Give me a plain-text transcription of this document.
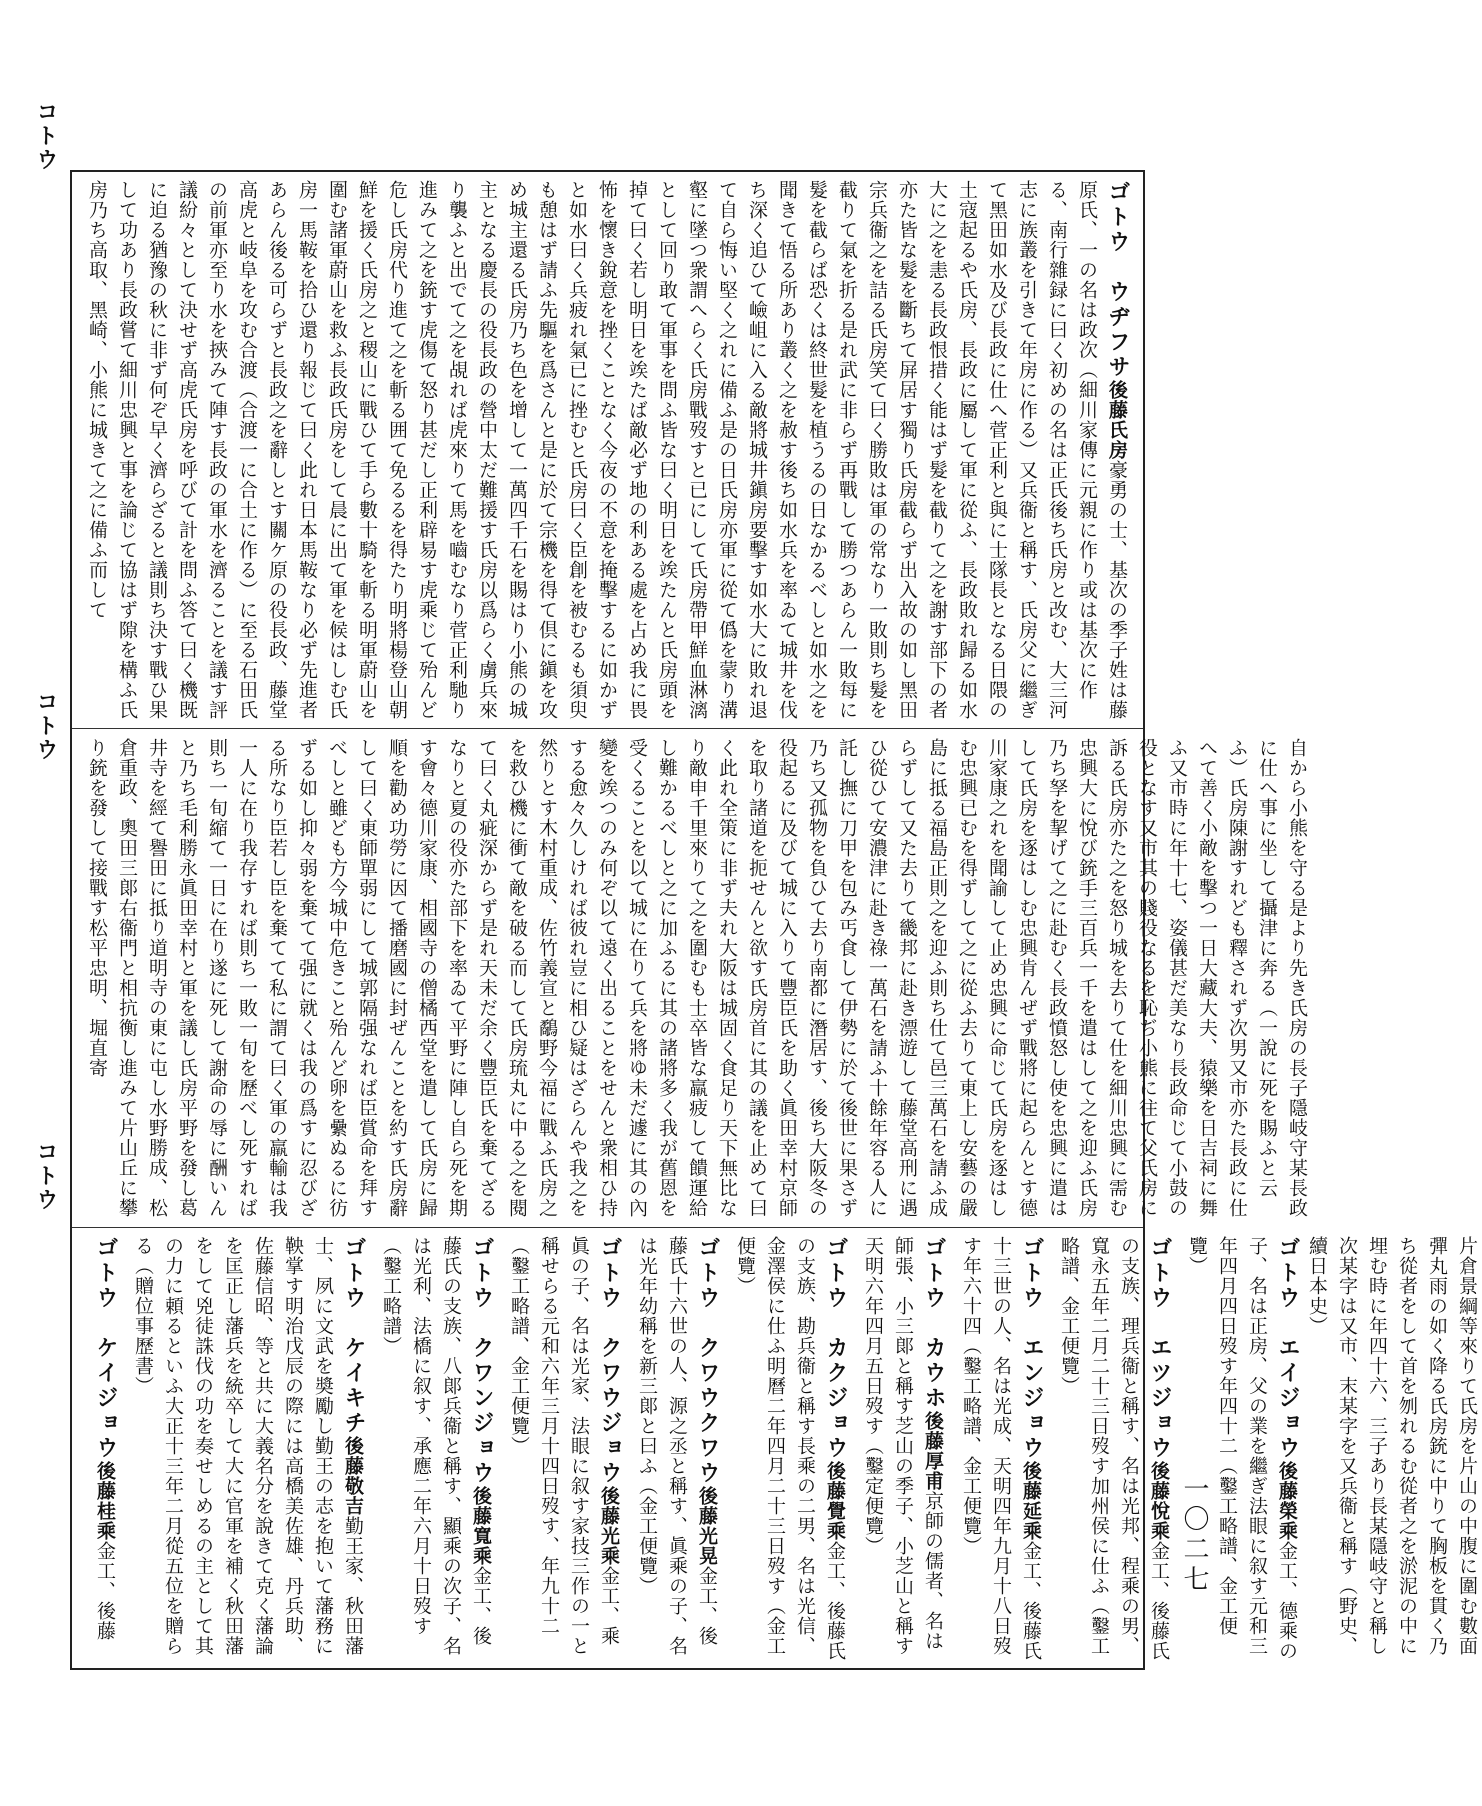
コトウ
コトウ
コトウ
ゴトウ　ウヂフサ後藤氏房豪勇の士、基次の季子姓は藤原氏、一の名は政次（細川家傳に元親に作り或は基次に作る、南行雜録に曰く初めの名は正氏後ち氏房と改む、大三河志に族叢を引きて年房に作る）又兵衞と稱す、氏房父に繼ぎて黑田如水及び長政に仕へ菅正利と與に士隊長となる日隈の土寇起るや氏房、長政に屬して軍に從ふ、長政敗れ歸る如水大に之を恚る長政恨措く能はず髮を截りて之を謝す部下の者亦た皆な髮を斷ちて屏居す獨り氏房截らず出入故の如し黑田宗兵衞之を詰る氏房笑て曰く勝敗は軍の常なり一敗則ち髮を截りて氣を折る是れ武に非らず再戰して勝つあらん一敗每に髮を截らば恐くは終世髮を植うるの日なかるべしと如水之を聞きて悟る所あり叢く之を赦す後ち如水兵を率ゐて城井を伐ち深く追ひて嶮岨に入る敵將城井鎭房要擊す如水大に敗れ退て自ら悔い堅く之れに備ふ是の日氏房亦軍に從て僞を蒙り溝壑に墜つ衆謂へらく氏房戰歿すと已にして氏房帶甲鮮血淋漓として回り敢て軍事を問ふ皆な曰く明日を竢たんと氏房頭を掉て曰く若し明日を竢たば敵必ず地の利ある處を占め我に畏怖を懷き銳意を挫くことなく今夜の不意を掩擊するに如かずと如水曰く兵疲れ氣已に挫むと氏房曰く臣創を被むるも須臾も憩はず請ふ先驅を爲さんと是に於て宗機を得て倶に鎭を攻め城主還る氏房乃ち色を增して一萬四千石を賜はり小熊の城主となる慶長の役長政の營中太だ難援す氏房以爲らく虜兵來り襲ふと出でて之を覘れば虎來りて馬を嚙むなり菅正利馳り進みて之を銃す虎傷て怒り甚だし正利辟易す虎乘じて殆んど危し氏房代り進て之を斬る囲て免るるを得たり明將楊登山朝鮮を援く氏房之と稷山に戰ひて手ら數十騎を斬る明軍蔚山を圍む諸軍蔚山を救ふ長政氏房をして晨に出て軍を候はしむ氏房一馬鞍を拾ひ還り報じて曰く此れ日本馬鞍なり必ず先進者あらん後る可らずと長政之を辭しとす關ケ原の役長政、藤堂高虎と岐阜を攻む合渡（合渡一に合土に作る）に至る石田氏の前軍亦至り水を挾みて陣す長政の軍水を濟ることを議す評議紛々として決せず高虎氏房を呼びて計を問ふ答て曰く機既に迫る猶豫の秋に非ず何ぞ早く濟らざると議則ち決す戰ひ果して功あり長政嘗て細川忠興と事を論じて協はず隙を構ふ氏房乃ち高取、黑崎、小熊に城きて之に備ふ而して
自から小熊を守る是より先き氏房の長子隱岐守某長政に仕へ事に坐して攝津に奔る（一說に死を賜ふと云ふ）氏房陳謝すれども釋されず次男又市亦た長政に仕へて善く小敵を擊つ一日大藏大夫、猿樂を日吉祠に舞ふ又市時に年十七、姿儀甚だ美なり長政命じて小鼓の役となす又市其の賤役なるを恥ぢ小熊に往て父氏房に訴る氏房亦た之を怒り城を去りて仕を細川忠興に需む忠興大に悅び銃手三百兵一千を遣はして之を迎ふ氏房乃ち孥を挈げて之に赴むく長政憤怒し使を忠興に遣はして氏房を逐はしむ忠興肯んぜず戰將に起らんとす德川家康之れを聞諭して止め忠興に命じて氏房を逐はしむ忠興已むを得ずして之に從ふ去りて東上し安藝の嚴島に抵る福島正則之を迎ふ則ち仕て邑三萬石を請ふ成らずして又た去りて畿邦に赴き漂遊して藤堂高刑に遇ひ從ひて安濃津に赴き祿一萬石を請ふ十餘年容る人に託し撫に刀甲を包み丐食して伊勢に於て後世に果さず乃ち又孤物を負ひて去り南都に潛居す、後ち大阪冬の役起るに及びて城に入りて豐臣氏を助く眞田幸村京師を取り諸道を扼せんと欲す氏房首に其の議を止めて曰く此れ全策に非ず夫れ大阪は城固く食足り天下無比なり敵申千里來りて之を圍むも士卒皆な羸疲して饋運給し難かるべしと之に加ふるに其の諸將多く我が舊恩を受くることを以て城に在りて兵を將ゆ未だ遽に其の內變を竢つのみ何ぞ以て遠く出ることをせんと衆相ひ持する愈々久しければ彼れ豈に相ひ疑はざらんや我之を然りとす木村重成、佐竹義宣と鷸野今福に戰ふ氏房之を救ひ機に衝て敵を破る而して氏房琉丸に中る之を閱て曰く丸疵深からず是れ天未だ余く豐臣氏を棄てざるなりと夏の役亦た部下を率ゐて平野に陣し自ら死を期す會々德川家康、相國寺の僧橘西堂を遣して氏房に歸順を勸め功勞に因て播磨國に封ぜんことを約す氏房辭して曰く東師單弱にして城郭隔强なれば臣賞命を拜すべしと雖ども方今城中危きこと殆んど卵を纍ぬるに彷ずる如し抑々弱を棄てて强に就くは我の爲すに忍びざる所なり臣若し臣を棄てて私に謂て曰く軍の羸輸は我一人に在り我存すれば則ち一敗一旬を歷べし死すれば則ち一旬縮て一日に在り遂に死して謝命の辱に酬いんと乃ち毛利勝永眞田幸村と軍を議し氏房平野を發し葛井寺を經て譽田に抵り道明寺の東に屯し水野勝成、松倉重政、奧田三郞右衞門と相抗衡し進みて片山丘に攀り銃を發して接戰す松平忠明、堀直寄
片倉景綱等來りて氏房を片山の中腹に圍む數面彈丸雨の如く降る氏房銃に中りて胸板を貫く乃ち從者をして首を刎れるむ從者之を淤泥の中に埋む時に年四十六、三子あり長某隱岐守と稱し次某字は又市、末某字を又兵衞と稱す（野史、續日本史）
ゴトウ　エイジョウ後藤榮乘金工、德乘の子、名は正房、父の業を繼ぎ法眼に叙す元和三年四月四日歿す年四十二（鑿工略譜、金工便覽）
ゴトウ　エツジョウ後藤悅乘金工、後藤氏の支族、理兵衞と稱す、名は光邦、程乘の男、寬永五年二月二十三日歿す加州侯に仕ふ（鑿工略譜、金工便覽）
ゴトウ　エンジョウ後藤延乘金工、後藤氏十三世の人、名は光成、天明四年九月十八日歿す年六十四（鑿工略譜、金工便覽）
ゴトウ　カウホ後藤厚甫京師の儒者、名は師張、小三郞と稱す芝山の季子、小芝山と稱す天明六年四月五日歿す（鑿定便覽）
ゴトウ　カクジョウ後藤覺乘金工、後藤氏の支族、勘兵衞と稱す長乘の二男、名は光信、金澤侯に仕ふ明曆二年四月二十三日歿す（金工便覽）
ゴトウ　クワウクワウ後藤光晃金工、後藤氏十六世の人、源之丞と稱す、眞乘の子、名は光年幼稱を新三郞と曰ふ（金工便覽）
ゴトウ　クワウジョウ後藤光乘金工、乘眞の子、名は光家、法眼に叙す家技三作の一と稱せらる元和六年三月十四日歿す、年九十二（鑿工略譜、金工便覽）
ゴトウ　クワンジョウ後藤寬乘金工、後藤氏の支族、八郞兵衞と稱す、顯乘の次子、名は光利、法橋に叙す、承應二年六月十日歿す（鑿工略譜）
ゴトウ　ケイキチ後藤敬吉勤王家、秋田藩士、夙に文武を奬勵し勤王の志を抱いて藩務に鞅掌す明治戊辰の際には高橋美佐雄、丹兵助、佐藤信昭、等と共に大義名分を說きて克く藩論を匡正し藩兵を統卒して大に官軍を補く秋田藩をして兇徒誅伐の功を奏せしめるの主として其の力に頼るといふ大正十三年二月從五位を贈らる（贈位事歷書）
ゴトウ　ケイジョウ後藤桂乘金工、後藤	一〇二七
